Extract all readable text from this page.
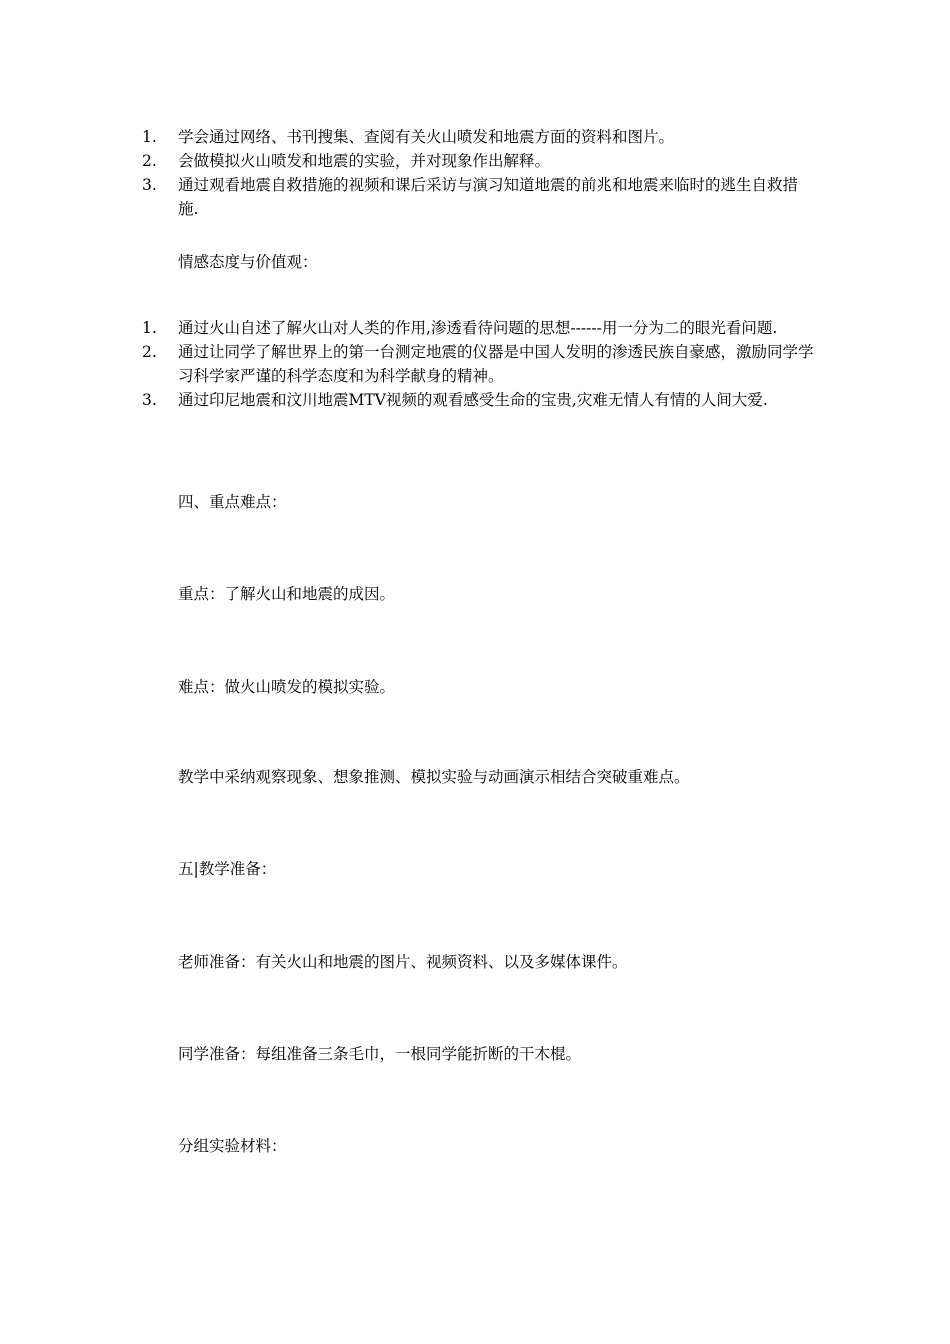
1.	学会通过网络、书刊搜集、查阅有关火山喷发和地震方面的资料和图片。
2.	会做模拟火山喷发和地震的实验，并对现象作出解释。
3.	通过观看地震自救措施的视频和课后采访与演习知道地震的前兆和地震来临时的逃生自救措施.

情感态度与价值观：

1.	通过火山自述了解火山对人类的作用,渗透看待问题的思想------用一分为二的眼光看问题.
2.	通过让同学了解世界上的第一台测定地震的仪器是中国人发明的渗透民族自豪感，激励同学学习科学家严谨的科学态度和为科学献身的精神。
3.	通过印尼地震和汶川地震MTV视频的观看感受生命的宝贵,灾难无情人有情的人间大爱.

四、重点难点：

重点：了解火山和地震的成因。

难点：做火山喷发的模拟实验。

教学中采纳观察现象、想象推测、模拟实验与动画演示相结合突破重难点。

五|教学准备：

老师准备：有关火山和地震的图片、视频资料、以及多媒体课件。

同学准备：每组准备三条毛巾，一根同学能折断的干木棍。

分组实验材料：
